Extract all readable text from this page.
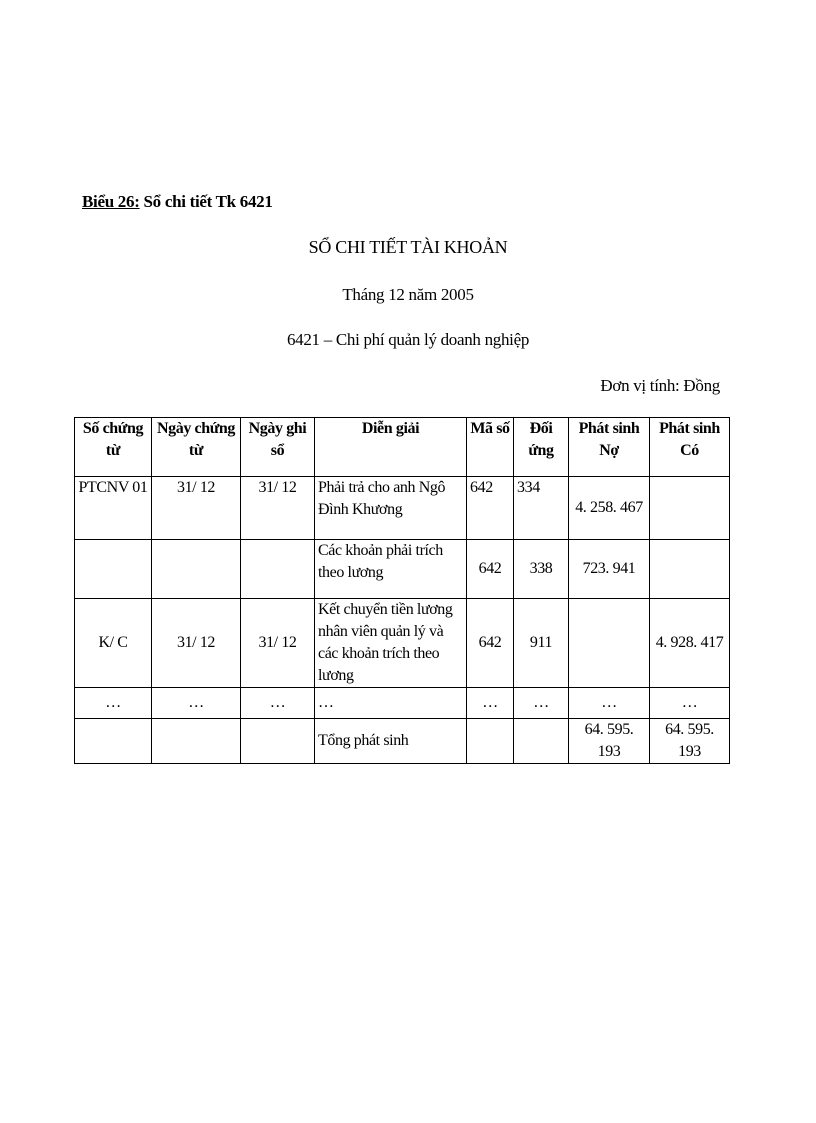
Biểu 26: Sổ chi tiết Tk 6421
SỔ CHI TIẾT TÀI KHOẢN
Tháng 12 năm 2005
6421 – Chi phí quản lý doanh nghiệp
Đơn vị tính: Đồng
Số chứng từ	Ngày chứng từ	Ngày ghi sổ	Diễn giải	Mã số	Đối ứng	Phát sinh Nợ	Phát sinh Có
PTCNV 01	31/ 12	31/ 12	Phải trả cho anh Ngô Đình Khương	642	334	4. 258. 467	
			Các khoản phải trích theo lương	642	338	723. 941	
K/ C	31/ 12	31/ 12	Kết chuyển tiền lương nhân viên quản lý và các khoản trích theo lương	642	911		4. 928. 417
…	…	…	…	…	…	…	…
			Tổng phát sinh			64. 595. 193	64. 595. 193
